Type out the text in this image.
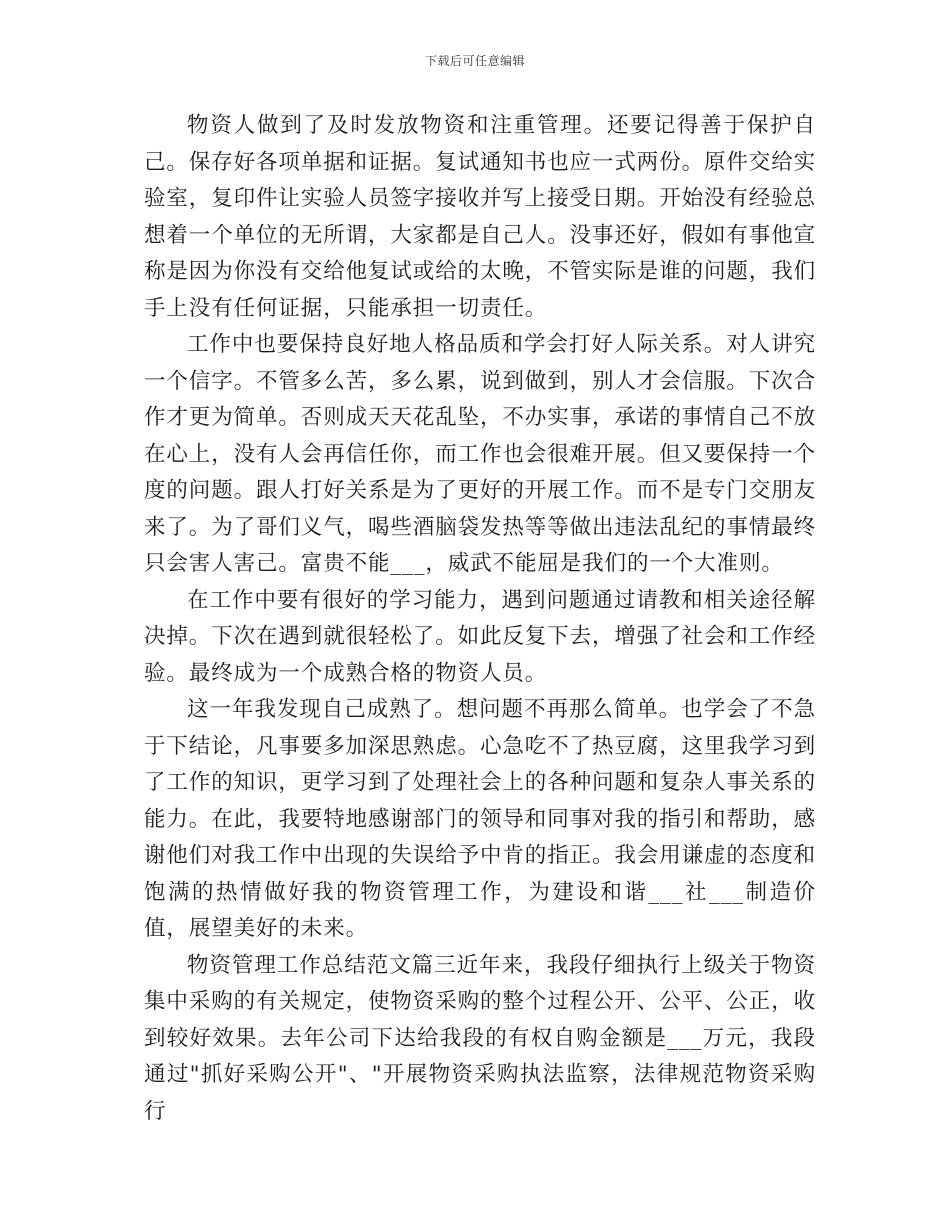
下载后可任意编辑

物资人做到了及时发放物资和注重管理。还要记得善于保护自己。保存好各项单据和证据。复试通知书也应一式两份。原件交给实验室，复印件让实验人员签字接收并写上接受日期。开始没有经验总想着一个单位的无所谓，大家都是自己人。没事还好，假如有事他宣称是因为你没有交给他复试或给的太晚，不管实际是谁的问题，我们手上没有任何证据，只能承担一切责任。

工作中也要保持良好地人格品质和学会打好人际关系。对人讲究一个信字。不管多么苦，多么累，说到做到，别人才会信服。下次合作才更为简单。否则成天天花乱坠，不办实事，承诺的事情自己不放在心上，没有人会再信任你，而工作也会很难开展。但又要保持一个度的问题。跟人打好关系是为了更好的开展工作。而不是专门交朋友来了。为了哥们义气，喝些酒脑袋发热等等做出违法乱纪的事情最终只会害人害己。富贵不能___，威武不能屈是我们的一个大准则。

在工作中要有很好的学习能力，遇到问题通过请教和相关途径解决掉。下次在遇到就很轻松了。如此反复下去，增强了社会和工作经验。最终成为一个成熟合格的物资人员。

这一年我发现自己成熟了。想问题不再那么简单。也学会了不急于下结论，凡事要多加深思熟虑。心急吃不了热豆腐，这里我学习到了工作的知识，更学习到了处理社会上的各种问题和复杂人事关系的能力。在此，我要特地感谢部门的领导和同事对我的指引和帮助，感谢他们对我工作中出现的失误给予中肯的指正。我会用谦虚的态度和饱满的热情做好我的物资管理工作，为建设和谐___社___制造价值，展望美好的未来。

物资管理工作总结范文篇三近年来，我段仔细执行上级关于物资集中采购的有关规定，使物资采购的整个过程公开、公平、公正，收到较好效果。去年公司下达给我段的有权自购金额是___万元，我段通过"抓好采购公开"、"开展物资采购执法监察，法律规范物资采购行
